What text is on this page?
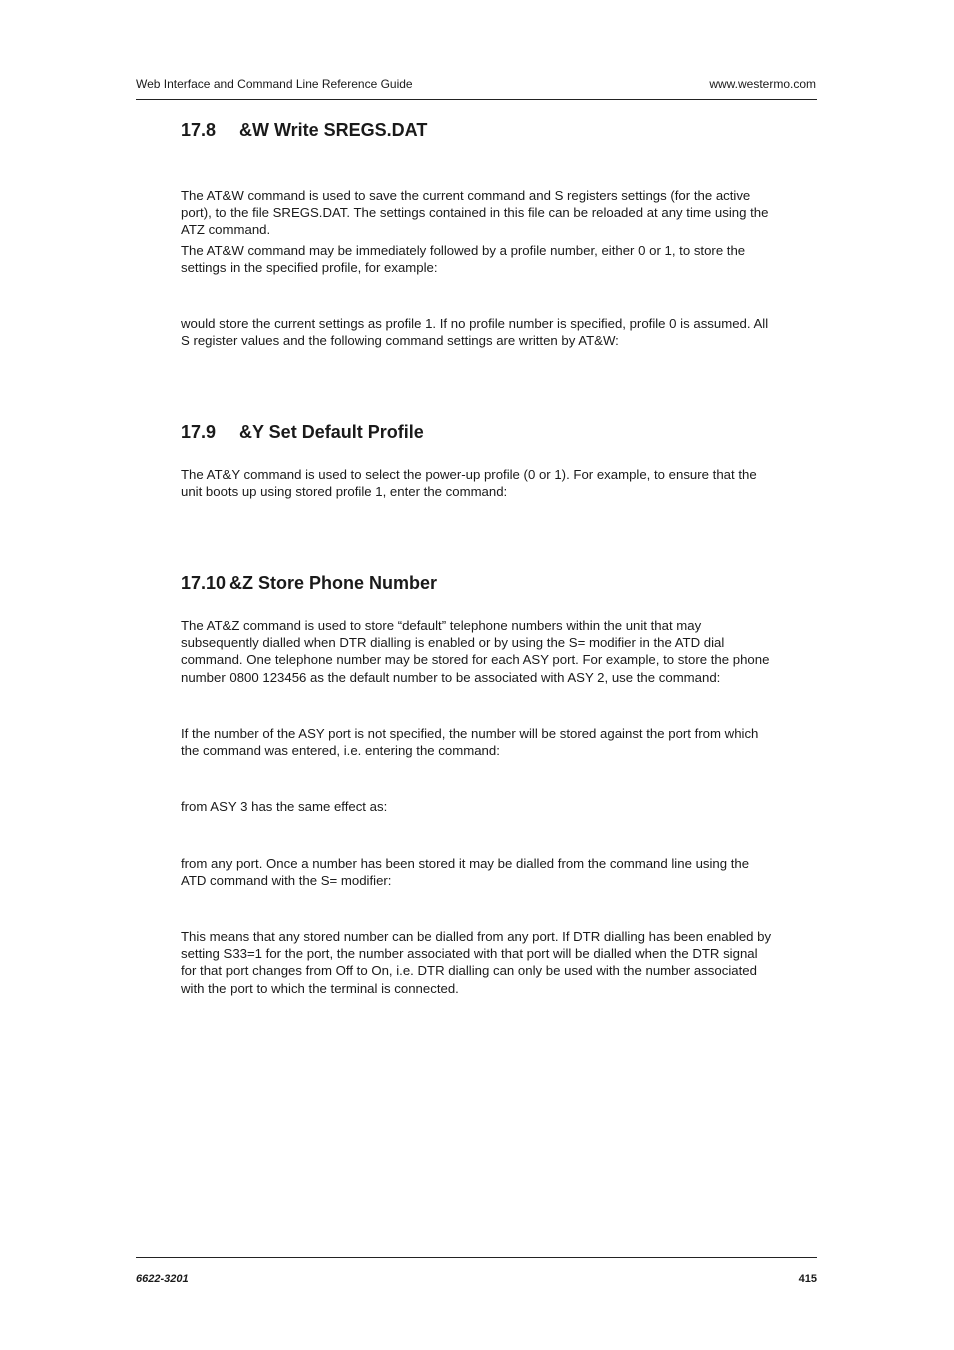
Web Interface and Command Line Reference Guide	www.westermo.com
17.8 &W Write SREGS.DAT

The AT&W command is used to save the current command and S registers settings (for the active port), to the file SREGS.DAT. The settings contained in this file can be reloaded at any time using the ATZ command.

The AT&W command may be immediately followed by a profile number, either 0 or 1, to store the settings in the specified profile, for example:

would store the current settings as profile 1. If no profile number is specified, profile 0 is assumed. All S register values and the following command settings are written by AT&W:

17.9 &Y Set Default Profile

The AT&Y command is used to select the power-up profile (0 or 1). For example, to ensure that the unit boots up using stored profile 1, enter the command:

17.10 &Z Store Phone Number

The AT&Z command is used to store “default” telephone numbers within the unit that may subsequently dialled when DTR dialling is enabled or by using the S= modifier in the ATD dial command. One telephone number may be stored for each ASY port. For example, to store the phone number 0800 123456 as the default number to be associated with ASY 2, use the command:

If the number of the ASY port is not specified, the number will be stored against the port from which the command was entered, i.e. entering the command:

from ASY 3 has the same effect as:

from any port. Once a number has been stored it may be dialled from the command line using the ATD command with the S= modifier:

This means that any stored number can be dialled from any port. If DTR dialling has been enabled by setting S33=1 for the port, the number associated with that port will be dialled when the DTR signal for that port changes from Off to On, i.e. DTR dialling can only be used with the number associated with the port to which the terminal is connected.

6622-3201	415
